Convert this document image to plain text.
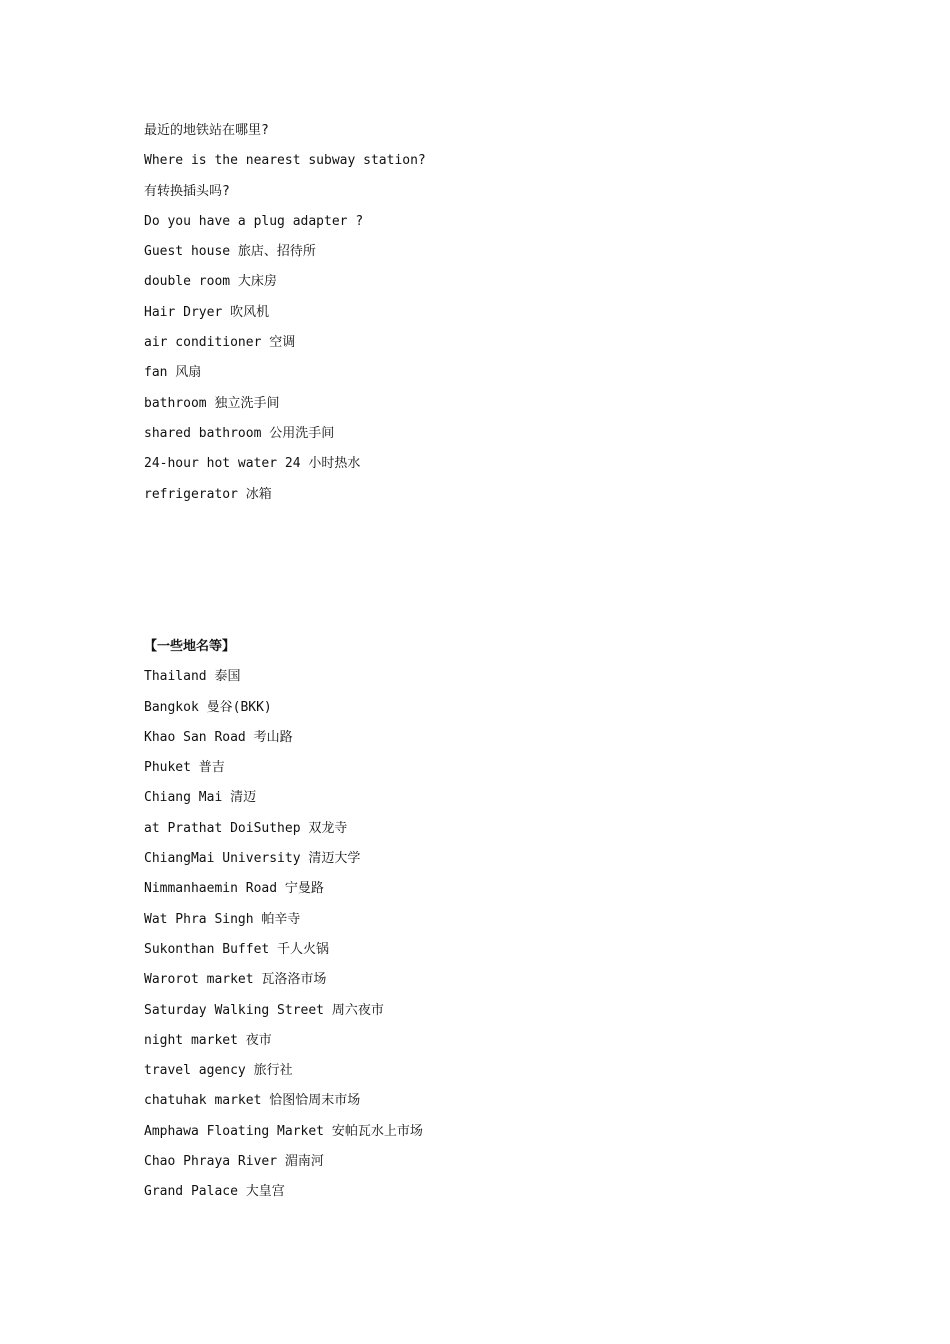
最近的地铁站在哪里?
Where is the nearest subway station?
有转换插头吗?
Do you have a plug adapter ?
Guest house 旅店、招待所
double room 大床房
Hair Dryer 吹风机
air conditioner 空调
fan 风扇
bathroom 独立洗手间
shared bathroom 公用洗手间
24-hour hot water 24 小时热水
refrigerator 冰箱
【一些地名等】
Thailand 泰国
Bangkok 曼谷(BKK)
Khao San Road 考山路
Phuket 普吉
Chiang Mai 清迈
at Prathat DoiSuthep 双龙寺
ChiangMai University 清迈大学
Nimmanhaemin Road 宁曼路
Wat Phra Singh 帕辛寺
Sukonthan Buffet 千人火锅
Warorot market 瓦洛洛市场
Saturday Walking Street 周六夜市
night market 夜市
travel agency 旅行社
chatuhak market 恰图恰周末市场
Amphawa Floating Market 安帕瓦水上市场
Chao Phraya River 湄南河
Grand Palace 大皇宫
